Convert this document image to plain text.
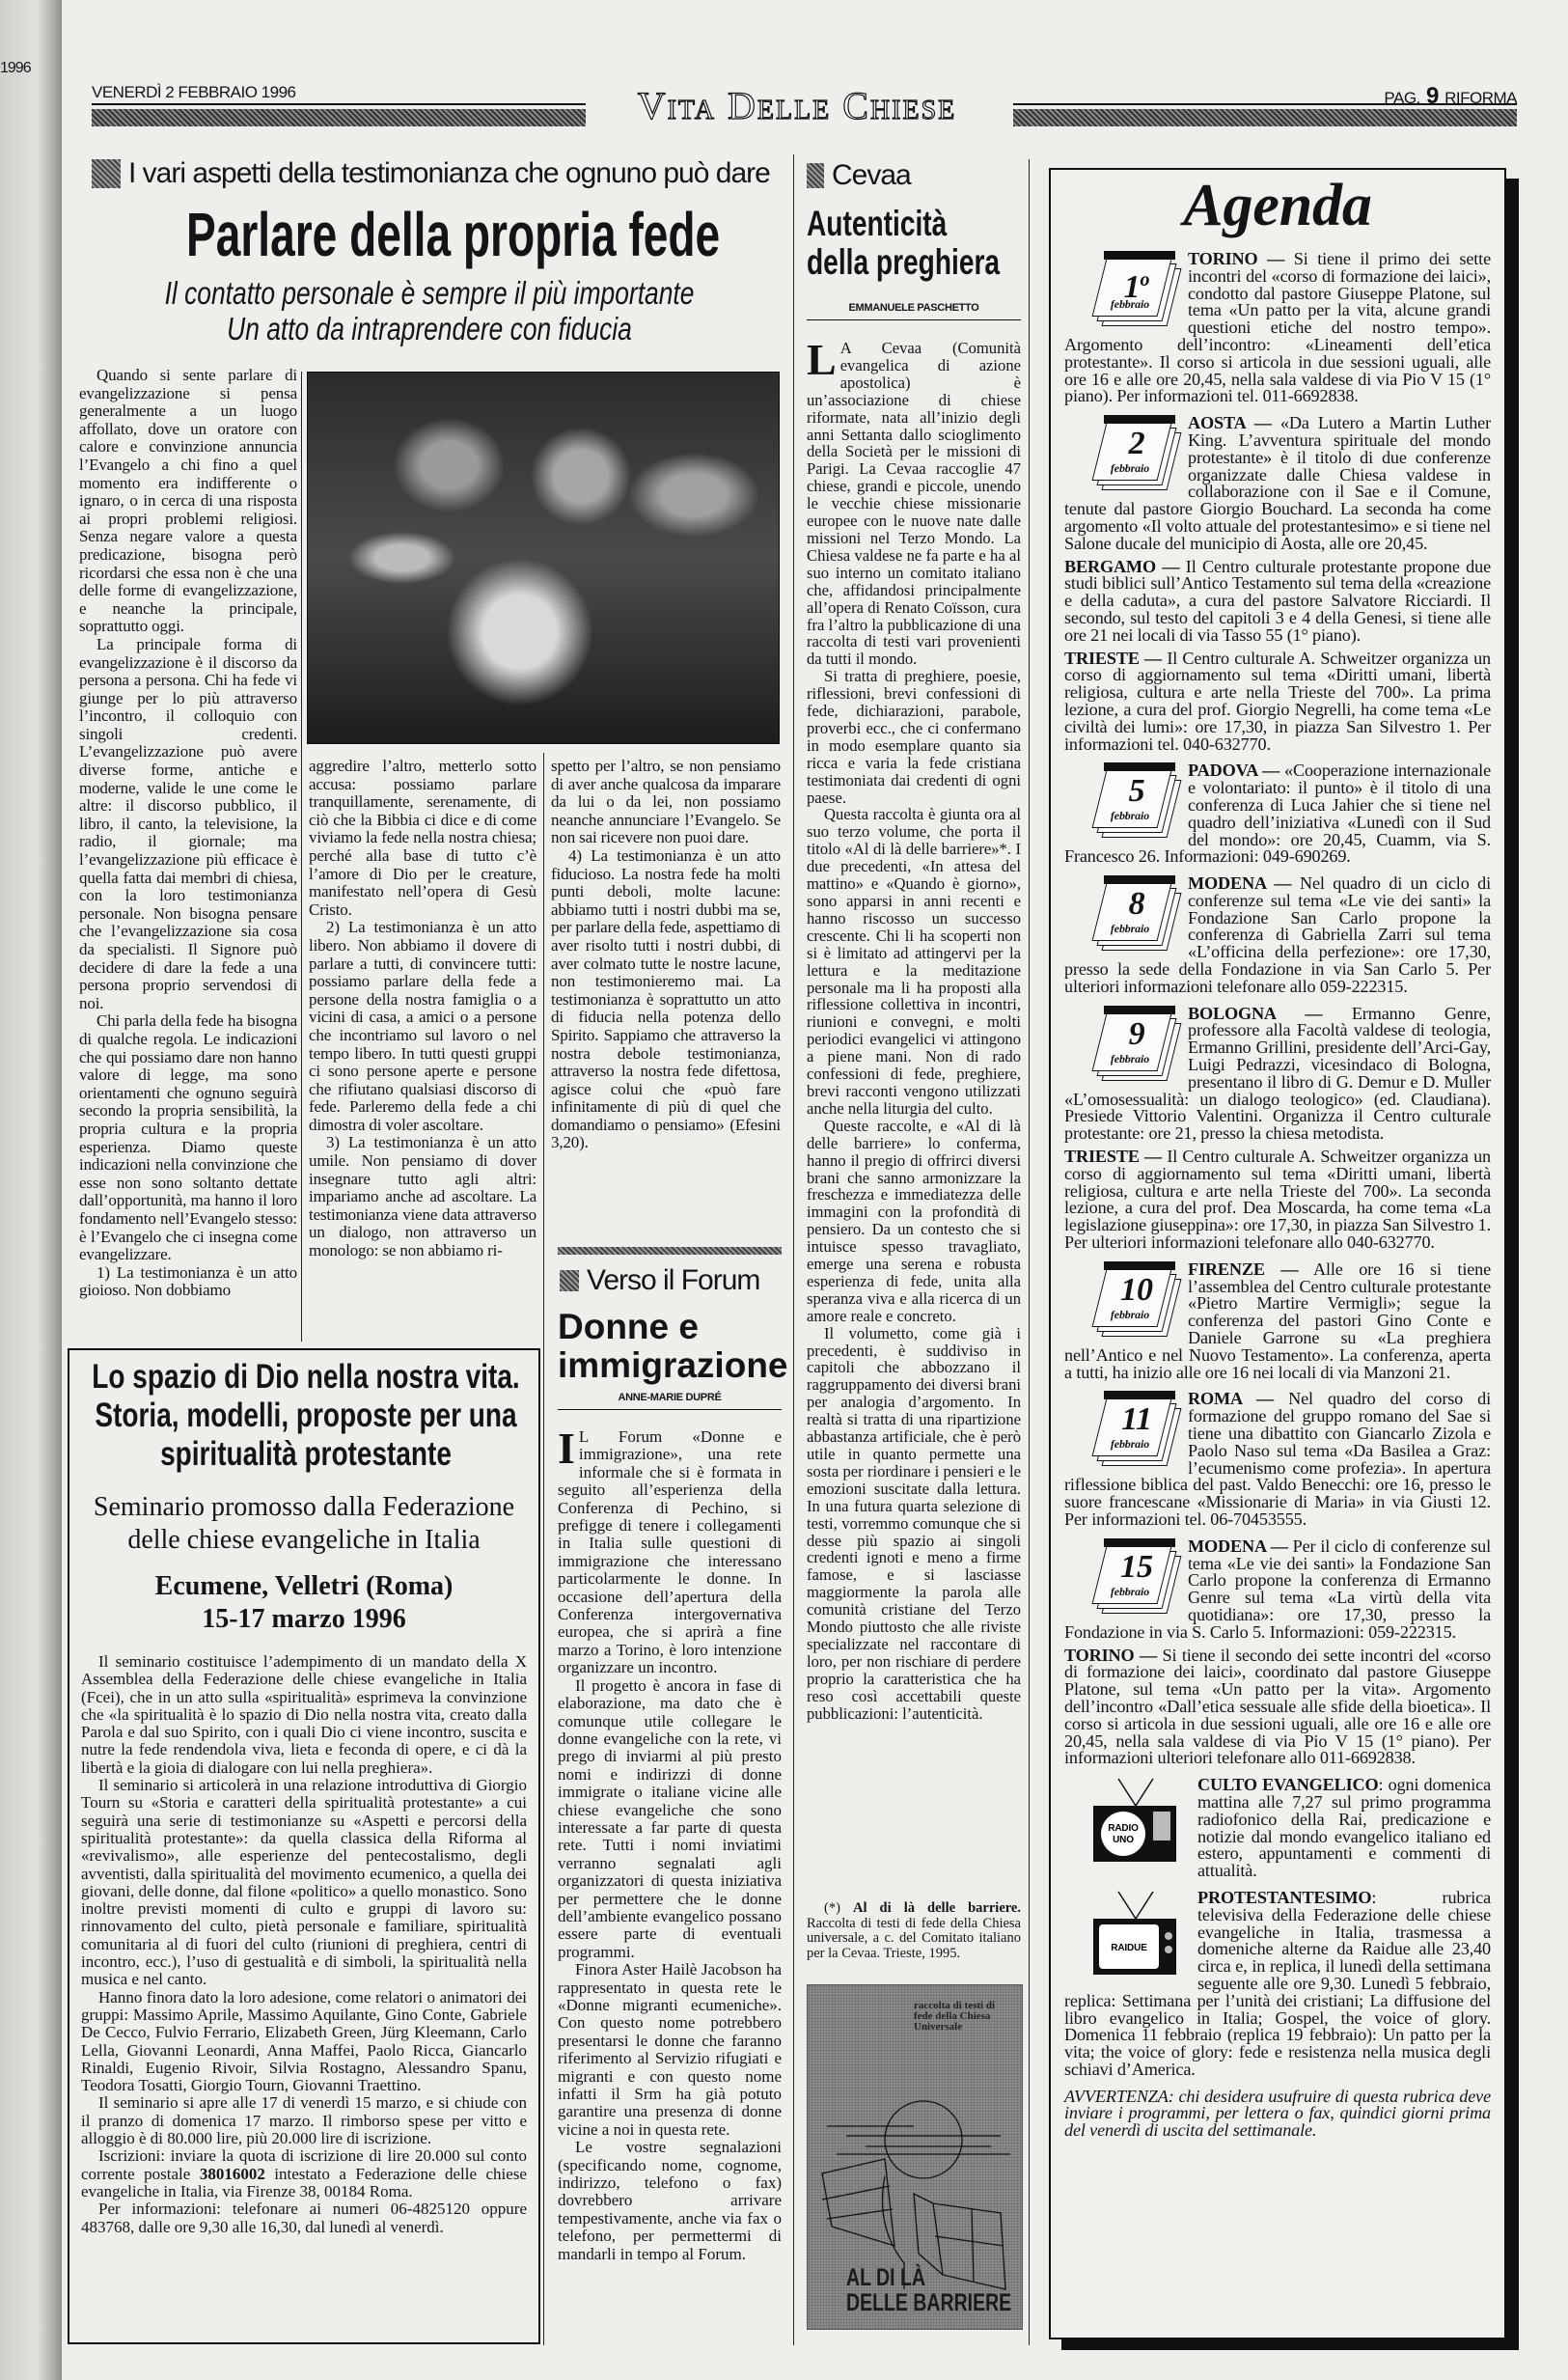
1996
VENERDÌ 2 FEBBRAIO 1996	Vita Delle Chiese	PAG. 9 RIFORMA
I vari aspetti della testimonianza che ognuno può dare
Parlare della propria fede
Il contatto personale è sempre il più importante
Un atto da intraprendere con fiducia

Quando si sente parlare di evangelizzazione si pensa generalmente a un luogo affollato, dove un oratore con calore e convinzione annuncia l’Evangelo a chi fino a quel momento era indifferente o ignaro, o in cerca di una risposta ai propri problemi religiosi. Senza negare valore a questa predicazione, bisogna però ricordarsi che essa non è che una delle forme di evangelizzazione, e neanche la principale, soprattutto oggi.

La principale forma di evangelizzazione è il discorso da persona a persona. Chi ha fede vi giunge per lo più attraverso l’incontro, il colloquio con singoli credenti. L’evangelizzazione può avere diverse forme, antiche e moderne, valide le une come le altre: il discorso pubblico, il libro, il canto, la televisione, la radio, il giornale; ma l’evangelizzazione più efficace è quella fatta dai membri di chiesa, con la loro testimonianza personale. Non bisogna pensare che l’evangelizzazione sia cosa da specialisti. Il Signore può decidere di dare la fede a una persona proprio servendosi di noi.

Chi parla della fede ha bisogna di qualche regola. Le indicazioni che qui possiamo dare non hanno valore di legge, ma sono orientamenti che ognuno seguirà secondo la propria sensibilità, la propria cultura e la propria esperienza. Diamo queste indicazioni nella convinzione che esse non sono soltanto dettate dall’opportunità, ma hanno il loro fondamento nell’Evangelo stesso: è l’Evangelo che ci insegna come evangelizzare.

1) La testimonianza è un atto gioioso. Non dobbiamo

aggredire l’altro, metterlo sotto accusa: possiamo parlare tranquillamente, serenamente, di ciò che la Bibbia ci dice e di come viviamo la fede nella nostra chiesa; perché alla base di tutto c’è l’amore di Dio per le creature, manifestato nell’opera di Gesù Cristo.

2) La testimonianza è un atto libero. Non abbiamo il dovere di parlare a tutti, di convincere tutti: possiamo parlare della fede a persone della nostra famiglia o a vicini di casa, a amici o a persone che incontriamo sul lavoro o nel tempo libero. In tutti questi gruppi ci sono persone aperte e persone che rifiutano qualsiasi discorso di fede. Parleremo della fede a chi dimostra di voler ascoltare.

3) La testimonianza è un atto umile. Non pensiamo di dover insegnare tutto agli altri: impariamo anche ad ascoltare. La testimonianza viene data attraverso un dialogo, non attraverso un monologo: se non abbiamo ri-

spetto per l’altro, se non pensiamo di aver anche qualcosa da imparare da lui o da lei, non possiamo neanche annunciare l’Evangelo. Se non sai ricevere non puoi dare.

4) La testimonianza è un atto fiducioso. La nostra fede ha molti punti deboli, molte lacune: abbiamo tutti i nostri dubbi ma se, per parlare della fede, aspettiamo di aver risolto tutti i nostri dubbi, di aver colmato tutte le nostre lacune, non testimonieremo mai. La testimonianza è soprattutto un atto di fiducia nella potenza dello Spirito. Sappiamo che attraverso la nostra debole testimonianza, attraverso la nostra fede difettosa, agisce colui che «può fare infinitamente di più di quel che domandiamo o pensiamo» (Efesini 3,20).

Lo spazio di Dio nella nostra vita. Storia, modelli, proposte per una spiritualità protestante
Seminario promosso dalla Federazione delle chiese evangeliche in Italia
Ecumene, Velletri (Roma)
15-17 marzo 1996

Il seminario costituisce l’adempimento di un mandato della X Assemblea della Federazione delle chiese evangeliche in Italia (Fcei), che in un atto sulla «spiritualità» esprimeva la convinzione che «la spiritualità è lo spazio di Dio nella nostra vita, creato dalla Parola e dal suo Spirito, con i quali Dio ci viene incontro, suscita e nutre la fede rendendola viva, lieta e feconda di opere, e ci dà la libertà e la gioia di dialogare con lui nella preghiera».

Il seminario si articolerà in una relazione introduttiva di Giorgio Tourn su «Storia e caratteri della spiritualità protestante» a cui seguirà una serie di testimonianze su «Aspetti e percorsi della spiritualità protestante»: da quella classica della Riforma al «revivalismo», alle esperienze del pentecostalismo, degli avventisti, dalla spiritualità del movimento ecumenico, a quella dei giovani, delle donne, dal filone «politico» a quello monastico. Sono inoltre previsti momenti di culto e gruppi di lavoro su: rinnovamento del culto, pietà personale e familiare, spiritualità comunitaria al di fuori del culto (riunioni di preghiera, centri di incontro, ecc.), l’uso di gestualità e di simboli, la spiritualità nella musica e nel canto.

Hanno finora dato la loro adesione, come relatori o animatori dei gruppi: Massimo Aprile, Massimo Aquilante, Gino Conte, Gabriele De Cecco, Fulvio Ferrario, Elizabeth Green, Jürg Kleemann, Carlo Lella, Giovanni Leonardi, Anna Maffei, Paolo Ricca, Giancarlo Rinaldi, Eugenio Rivoir, Silvia Rostagno, Alessandro Spanu, Teodora Tosatti, Giorgio Tourn, Giovanni Traettino.

Il seminario si apre alle 17 di venerdì 15 marzo, e si chiude con il pranzo di domenica 17 marzo. Il rimborso spese per vitto e alloggio è di 80.000 lire, più 20.000 lire di iscrizione.

Iscrizioni: inviare la quota di iscrizione di lire 20.000 sul conto corrente postale 38016002 intestato a Federazione delle chiese evangeliche in Italia, via Firenze 38, 00184 Roma.

Per informazioni: telefonare ai numeri 06-4825120 oppure 483768, dalle ore 9,30 alle 16,30, dal lunedì al venerdì.

Verso il Forum
Donne e immigrazione
ANNE-MARIE DUPRÉ

I L Forum «Donne e immigrazione», una rete informale che si è formata in seguito all’esperienza della Conferenza di Pechino, si prefigge di tenere i collegamenti in Italia sulle questioni di immigrazione che interessano particolarmente le donne. In occasione dell’apertura della Conferenza intergovernativa europea, che si aprirà a fine marzo a Torino, è loro intenzione organizzare un incontro.

Il progetto è ancora in fase di elaborazione, ma dato che è comunque utile collegare le donne evangeliche con la rete, vi prego di inviarmi al più presto nomi e indirizzi di donne immigrate o italiane vicine alle chiese evangeliche che sono interessate a far parte di questa rete. Tutti i nomi inviatimi verranno segnalati agli organizzatori di questa iniziativa per permettere che le donne dell’ambiente evangelico possano essere parte di eventuali programmi.

Finora Aster Hailè Jacobson ha rappresentato in questa rete le «Donne migranti ecumeniche». Con questo nome potrebbero presentarsi le donne che faranno riferimento al Servizio rifugiati e migranti e con questo nome infatti il Srm ha già potuto garantire una presenza di donne vicine a noi in questa rete.

Le vostre segnalazioni (specificando nome, cognome, indirizzo, telefono o fax) dovrebbero arrivare tempestivamente, anche via fax o telefono, per permettermi di mandarli in tempo al Forum.

Cevaa
Autenticità
della preghiera
EMMANUELE PASCHETTO

L A Cevaa (Comunità evangelica di azione apostolica) è un’associazione di chiese riformate, nata all’inizio degli anni Settanta dallo scioglimento della Società per le missioni di Parigi. La Cevaa raccoglie 47 chiese, grandi e piccole, unendo le vecchie chiese missionarie europee con le nuove nate dalle missioni nel Terzo Mondo. La Chiesa valdese ne fa parte e ha al suo interno un comitato italiano che, affidandosi principalmente all’opera di Renato Coïsson, cura fra l’altro la pubblicazione di una raccolta di testi vari provenienti da tutti il mondo.

Si tratta di preghiere, poesie, riflessioni, brevi confessioni di fede, dichiarazioni, parabole, proverbi ecc., che ci confermano in modo esemplare quanto sia ricca e varia la fede cristiana testimoniata dai credenti di ogni paese.

Questa raccolta è giunta ora al suo terzo volume, che porta il titolo «Al di là delle barriere»*. I due precedenti, «In attesa del mattino» e «Quando è giorno», sono apparsi in anni recenti e hanno riscosso un successo crescente. Chi li ha scoperti non si è limitato ad attingervi per la lettura e la meditazione personale ma li ha proposti alla riflessione collettiva in incontri, riunioni e convegni, e molti periodici evangelici vi attingono a piene mani. Non di rado confessioni di fede, preghiere, brevi racconti vengono utilizzati anche nella liturgia del culto.

Queste raccolte, e «Al di là delle barriere» lo conferma, hanno il pregio di offrirci diversi brani che sanno armonizzare la freschezza e immediatezza delle immagini con la profondità di pensiero. Da un contesto che si intuisce spesso travagliato, emerge una serena e robusta esperienza di fede, unita alla speranza viva e alla ricerca di un amore reale e concreto.

Il volumetto, come già i precedenti, è suddiviso in capitoli che abbozzano il raggruppamento dei diversi brani per analogia d’argomento. In realtà si tratta di una ripartizione abbastanza artificiale, che è però utile in quanto permette una sosta per riordinare i pensieri e le emozioni suscitate dalla lettura. In una futura quarta selezione di testi, vorremmo comunque che si desse più spazio ai singoli credenti ignoti e meno a firme famose, e si lasciasse maggiormente la parola alle comunità cristiane del Terzo Mondo piuttosto che alle riviste specializzate nel raccontare di loro, per non rischiare di perdere proprio la caratteristica che ha reso così accettabili queste pubblicazioni: l’autenticità.

(*) Al di là delle barriere. Raccolta di testi di fede della Chiesa universale, a c. del Comitato italiano per la Cevaa. Trieste, 1995.

raccolta di testi di fede della Chiesa Universale
AL DI LÀ
DELLE BARRIERE
Agenda
1$^o$
febbraio
TORINO — Si tiene il primo dei sette incontri del «corso di formazione dei laici», condotto dal pastore Giuseppe Platone, sul tema «Un patto per la vita, alcune grandi questioni etiche del nostro tempo». Argomento dell’incontro: «Lineamenti dell’etica protestante». Il corso si articola in due sessioni uguali, alle ore 16 e alle ore 20,45, nella sala valdese di via Pio V 15 (1° piano). Per informazioni tel. 011-6692838.
2
febbraio
AOSTA — «Da Lutero a Martin Luther King. L’avventura spirituale del mondo protestante» è il titolo di due conferenze organizzate dalle Chiesa valdese in collaborazione con il Sae e il Comune, tenute dal pastore Giorgio Bouchard. La seconda ha come argomento «Il volto attuale del protestantesimo» e si tiene nel Salone ducale del municipio di Aosta, alle ore 20,45.
BERGAMO — Il Centro culturale protestante propone due studi biblici sull’Antico Testamento sul tema della «creazione e della caduta», a cura del pastore Salvatore Ricciardi. Il secondo, sul testo del capitoli 3 e 4 della Genesi, si tiene alle ore 21 nei locali di via Tasso 55 (1° piano).
TRIESTE — Il Centro culturale A. Schweitzer organizza un corso di aggiornamento sul tema «Diritti umani, libertà religiosa, cultura e arte nella Trieste del 700». La prima lezione, a cura del prof. Giorgio Negrelli, ha come tema «Le civiltà dei lumi»: ore 17,30, in piazza San Silvestro 1. Per informazioni tel. 040-632770.
5
febbraio
PADOVA — «Cooperazione internazionale e volontariato: il punto» è il titolo di una conferenza di Luca Jahier che si tiene nel quadro dell’iniziativa «Lunedì con il Sud del mondo»: ore 20,45, Cuamm, via S. Francesco 26. Informazioni: 049-690269.
8
febbraio
MODENA — Nel quadro di un ciclo di conferenze sul tema «Le vie dei santi» la Fondazione San Carlo propone la conferenza di Gabriella Zarri sul tema «L’officina della perfezione»: ore 17,30, presso la sede della Fondazione in via San Carlo 5. Per ulteriori informazioni telefonare allo 059-222315.
9
febbraio
BOLOGNA — Ermanno Genre, professore alla Facoltà valdese di teologia, Ermanno Grillini, presidente dell’Arci-Gay, Luigi Pedrazzi, vicesindaco di Bologna, presentano il libro di G. Demur e D. Muller «L’omosessualità: un dialogo teologico» (ed. Claudiana). Presiede Vittorio Valentini. Organizza il Centro culturale protestante: ore 21, presso la chiesa metodista.
TRIESTE — Il Centro culturale A. Schweitzer organizza un corso di aggiornamento sul tema «Diritti umani, libertà religiosa, cultura e arte nella Trieste del 700». La seconda lezione, a cura del prof. Dea Moscarda, ha come tema «La legislazione giuseppina»: ore 17,30, in piazza San Silvestro 1. Per ulteriori informazioni telefonare allo 040-632770.
10
febbraio
FIRENZE — Alle ore 16 si tiene l’assemblea del Centro culturale protestante «Pietro Martire Vermigli»; segue la conferenza del pastori Gino Conte e Daniele Garrone su «La preghiera nell’Antico e nel Nuovo Testamento». La conferenza, aperta a tutti, ha inizio alle ore 16 nei locali di via Manzoni 21.
11
febbraio
ROMA — Nel quadro del corso di formazione del gruppo romano del Sae si tiene una dibattito con Giancarlo Zizola e Paolo Naso sul tema «Da Basilea a Graz: l’ecumenismo come profezia». In apertura riflessione biblica del past. Valdo Benecchi: ore 16, presso le suore francescane «Missionarie di Maria» in via Giusti 12. Per informazioni tel. 06-70453555.
15
febbraio
MODENA — Per il ciclo di conferenze sul tema «Le vie dei santi» la Fondazione San Carlo propone la conferenza di Ermanno Genre sul tema «La virtù della vita quotidiana»: ore 17,30, presso la Fondazione in via S. Carlo 5. Informazioni: 059-222315.
TORINO — Si tiene il secondo dei sette incontri del «corso di formazione dei laici», coordinato dal pastore Giuseppe Platone, sul tema «Un patto per la vita». Argomento dell’incontro «Dall’etica sessuale alle sfide della bioetica». Il corso si articola in due sessioni uguali, alle ore 16 e alle ore 20,45, nella sala valdese di via Pio V 15 (1° piano). Per informazioni ulteriori telefonare allo 011-6692838.
RADIO
UNO
CULTO EVANGELICO: ogni domenica mattina alle 7,27 sul primo programma radiofonico della Rai, predicazione e notizie dal mondo evangelico italiano ed estero, appuntamenti e commenti di attualità.
RAIDUE
PROTESTANTESIMO: rubrica televisiva della Federazione delle chiese evangeliche in Italia, trasmessa a domeniche alterne da Raidue alle 23,40 circa e, in replica, il lunedì della settimana seguente alle ore 9,30. Lunedì 5 febbraio, replica: Settimana per l’unità dei cristiani; La diffusione del libro evangelico in Italia; Gospel, the voice of glory. Domenica 11 febbraio (replica 19 febbraio): Un patto per la vita; the voice of glory: fede e resistenza nella musica degli schiavi d’America.
AVVERTENZA: chi desidera usufruire di questa rubrica deve inviare i programmi, per lettera o fax, quindici giorni prima del venerdì di uscita del settimanale.
